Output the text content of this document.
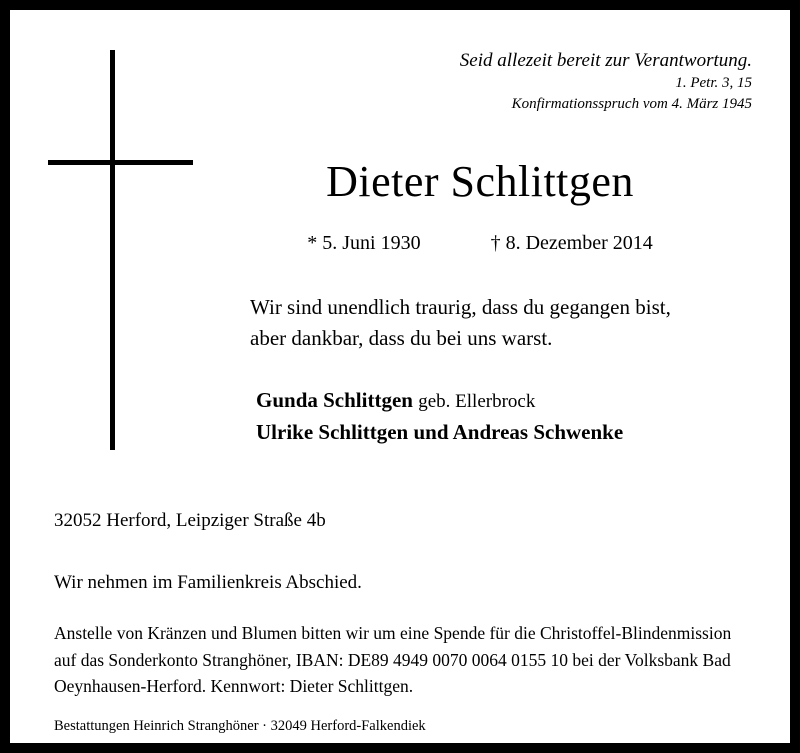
Seid allezeit bereit zur Verantwortung.
1. Petr. 3, 15
Konfirmationsspruch vom 4. März 1945
Dieter Schlittgen
* 5. Juni 1930	† 8. Dezember 2014
Wir sind unendlich traurig, dass du gegangen bist,
aber dankbar, dass du bei uns warst.
Gunda Schlittgen geb. Ellerbrock
Ulrike Schlittgen und Andreas Schwenke
32052 Herford, Leipziger Straße 4b
Wir nehmen im Familienkreis Abschied.
Anstelle von Kränzen und Blumen bitten wir um eine Spende für die Christoffel-Blindenmission
auf das Sonderkonto Stranghöner, IBAN: DE89 4949 0070 0064 0155 10 bei der Volksbank Bad
Oeynhausen-Herford. Kennwort: Dieter Schlittgen.
Bestattungen Heinrich Stranghöner · 32049 Herford-Falkendiek
